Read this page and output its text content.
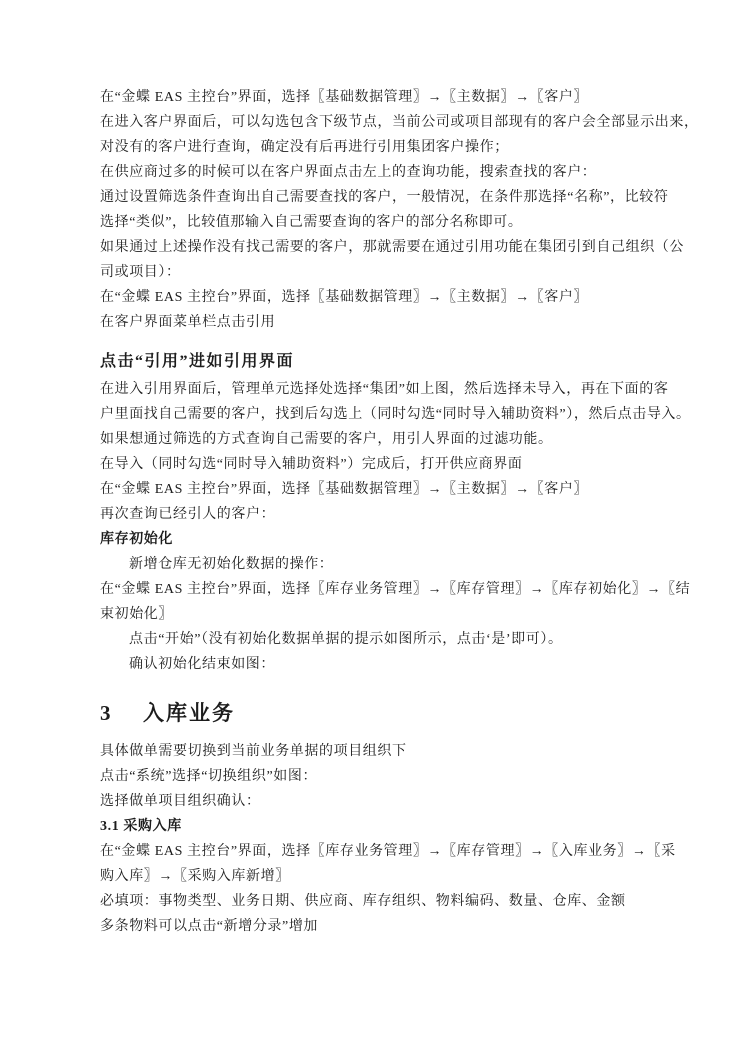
在“金蝶 EAS 主控台”界面，选择〖基础数据管理〗→〖主数据〗→〖客户〗
在进入客户界面后，可以勾选包含下级节点，当前公司或项目部现有的客户会全部显示出来，
对没有的客户进行查询，确定没有后再进行引用集团客户操作；
在供应商过多的时候可以在客户界面点击左上的查询功能，搜索查找的客户：
通过设置筛选条件查询出自己需要查找的客户，一般情况，在条件那选择“名称”，比较符
选择“类似”，比较值那输入自己需要查询的客户的部分名称即可。
如果通过上述操作没有找己需要的客户，那就需要在通过引用功能在集团引到自己组织（公
司或项目）：
在“金蝶 EAS 主控台”界面，选择〖基础数据管理〗→〖主数据〗→〖客户〗
在客户界面菜单栏点击引用
点击“引用”进如引用界面
在进入引用界面后，管理单元选择处选择“集团”如上图，然后选择未导入，再在下面的客
户里面找自己需要的客户，找到后勾选上（同时勾选“同时导入辅助资料”），然后点击导入。
如果想通过筛选的方式查询自己需要的客户，用引人界面的过滤功能。
在导入（同时勾选“同时导入辅助资料”）完成后，打开供应商界面
在“金蝶 EAS 主控台”界面，选择〖基础数据管理〗→〖主数据〗→〖客户〗
再次查询已经引人的客户：
库存初始化
新增仓库无初始化数据的操作：
在“金蝶 EAS 主控台”界面，选择〖库存业务管理〗→〖库存管理〗→〖库存初始化〗→〖结
束初始化〗
点击“开始”（没有初始化数据单据的提示如图所示，点击‘是’即可）。
确认初始化结束如图：
3 入库业务
具体做单需要切换到当前业务单据的项目组织下
点击“系统”选择“切换组织”如图：
选择做单项目组织确认：
3.1 采购入库
在“金蝶 EAS 主控台”界面，选择〖库存业务管理〗→〖库存管理〗→〖入库业务〗→〖采
购入库〗→〖采购入库新增〗
必填项：事物类型、业务日期、供应商、库存组织、物料编码、数量、仓库、金额
多条物料可以点击“新增分录”增加
